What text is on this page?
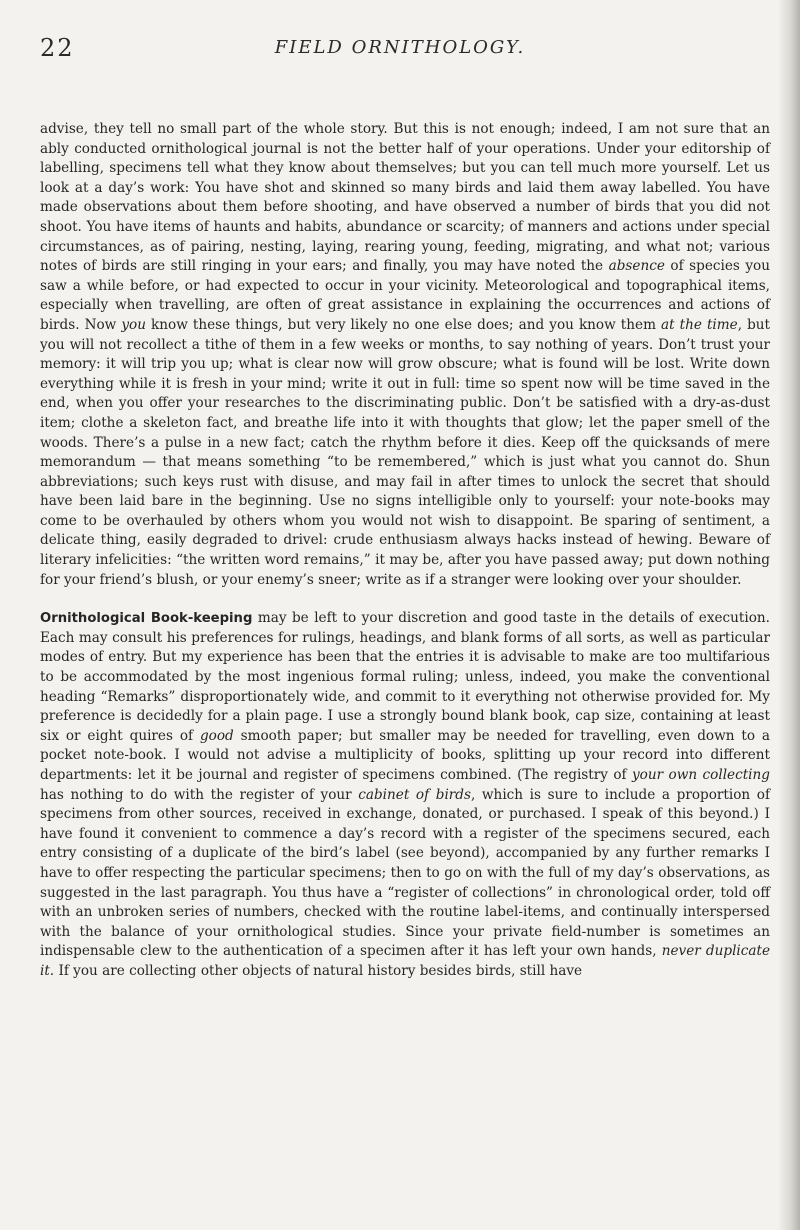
22	FIELD ORNITHOLOGY.

advise, they tell no small part of the whole story. But this is not enough; indeed, I am not sure that an ably conducted ornithological journal is not the better half of your operations. Under your editorship of labelling, specimens tell what they know about themselves; but you can tell much more yourself. Let us look at a day’s work: You have shot and skinned so many birds and laid them away labelled. You have made observations about them before shooting, and have observed a number of birds that you did not shoot. You have items of haunts and habits, abundance or scarcity; of manners and actions under special circumstances, as of pairing, nesting, laying, rearing young, feeding, migrating, and what not; various notes of birds are still ringing in your ears; and finally, you may have noted the absence of species you saw a while before, or had expected to occur in your vicinity. Meteorological and topographical items, especially when travelling, are often of great assistance in explaining the occurrences and actions of birds. Now you know these things, but very likely no one else does; and you know them at the time, but you will not recollect a tithe of them in a few weeks or months, to say nothing of years. Don’t trust your memory: it will trip you up; what is clear now will grow obscure; what is found will be lost. Write down everything while it is fresh in your mind; write it out in full: time so spent now will be time saved in the end, when you offer your researches to the discriminating public. Don’t be satisfied with a dry-as-dust item; clothe a skeleton fact, and breathe life into it with thoughts that glow; let the paper smell of the woods. There’s a pulse in a new fact; catch the rhythm before it dies. Keep off the quicksands of mere memorandum — that means something “to be remembered,” which is just what you cannot do. Shun abbreviations; such keys rust with disuse, and may fail in after times to unlock the secret that should have been laid bare in the beginning. Use no signs intelligible only to yourself: your note-books may come to be overhauled by others whom you would not wish to disappoint. Be sparing of sentiment, a delicate thing, easily degraded to drivel: crude enthusiasm always hacks instead of hewing. Beware of literary infelicities: “the written word remains,” it may be, after you have passed away; put down nothing for your friend’s blush, or your enemy’s sneer; write as if a stranger were looking over your shoulder.

Ornithological Book-keeping may be left to your discretion and good taste in the details of execution. Each may consult his preferences for rulings, headings, and blank forms of all sorts, as well as particular modes of entry. But my experience has been that the entries it is advisable to make are too multifarious to be accommodated by the most ingenious formal ruling; unless, indeed, you make the conventional heading “Remarks” disproportionately wide, and commit to it everything not otherwise provided for. My preference is decidedly for a plain page. I use a strongly bound blank book, cap size, containing at least six or eight quires of good smooth paper; but smaller may be needed for travelling, even down to a pocket note-book. I would not advise a multiplicity of books, splitting up your record into different departments: let it be journal and register of specimens combined. (The registry of your own collecting has nothing to do with the register of your cabinet of birds, which is sure to include a proportion of specimens from other sources, received in exchange, donated, or purchased. I speak of this beyond.) I have found it convenient to commence a day’s record with a register of the specimens secured, each entry consisting of a duplicate of the bird’s label (see beyond), accompanied by any further remarks I have to offer respecting the particular specimens; then to go on with the full of my day’s observations, as suggested in the last paragraph. You thus have a “register of collections” in chronological order, told off with an unbroken series of numbers, checked with the routine label-items, and continually interspersed with the balance of your ornithological studies. Since your private field-number is sometimes an indispensable clew to the authentication of a specimen after it has left your own hands, never duplicate it. If you are collecting other objects of natural history besides birds, still have
